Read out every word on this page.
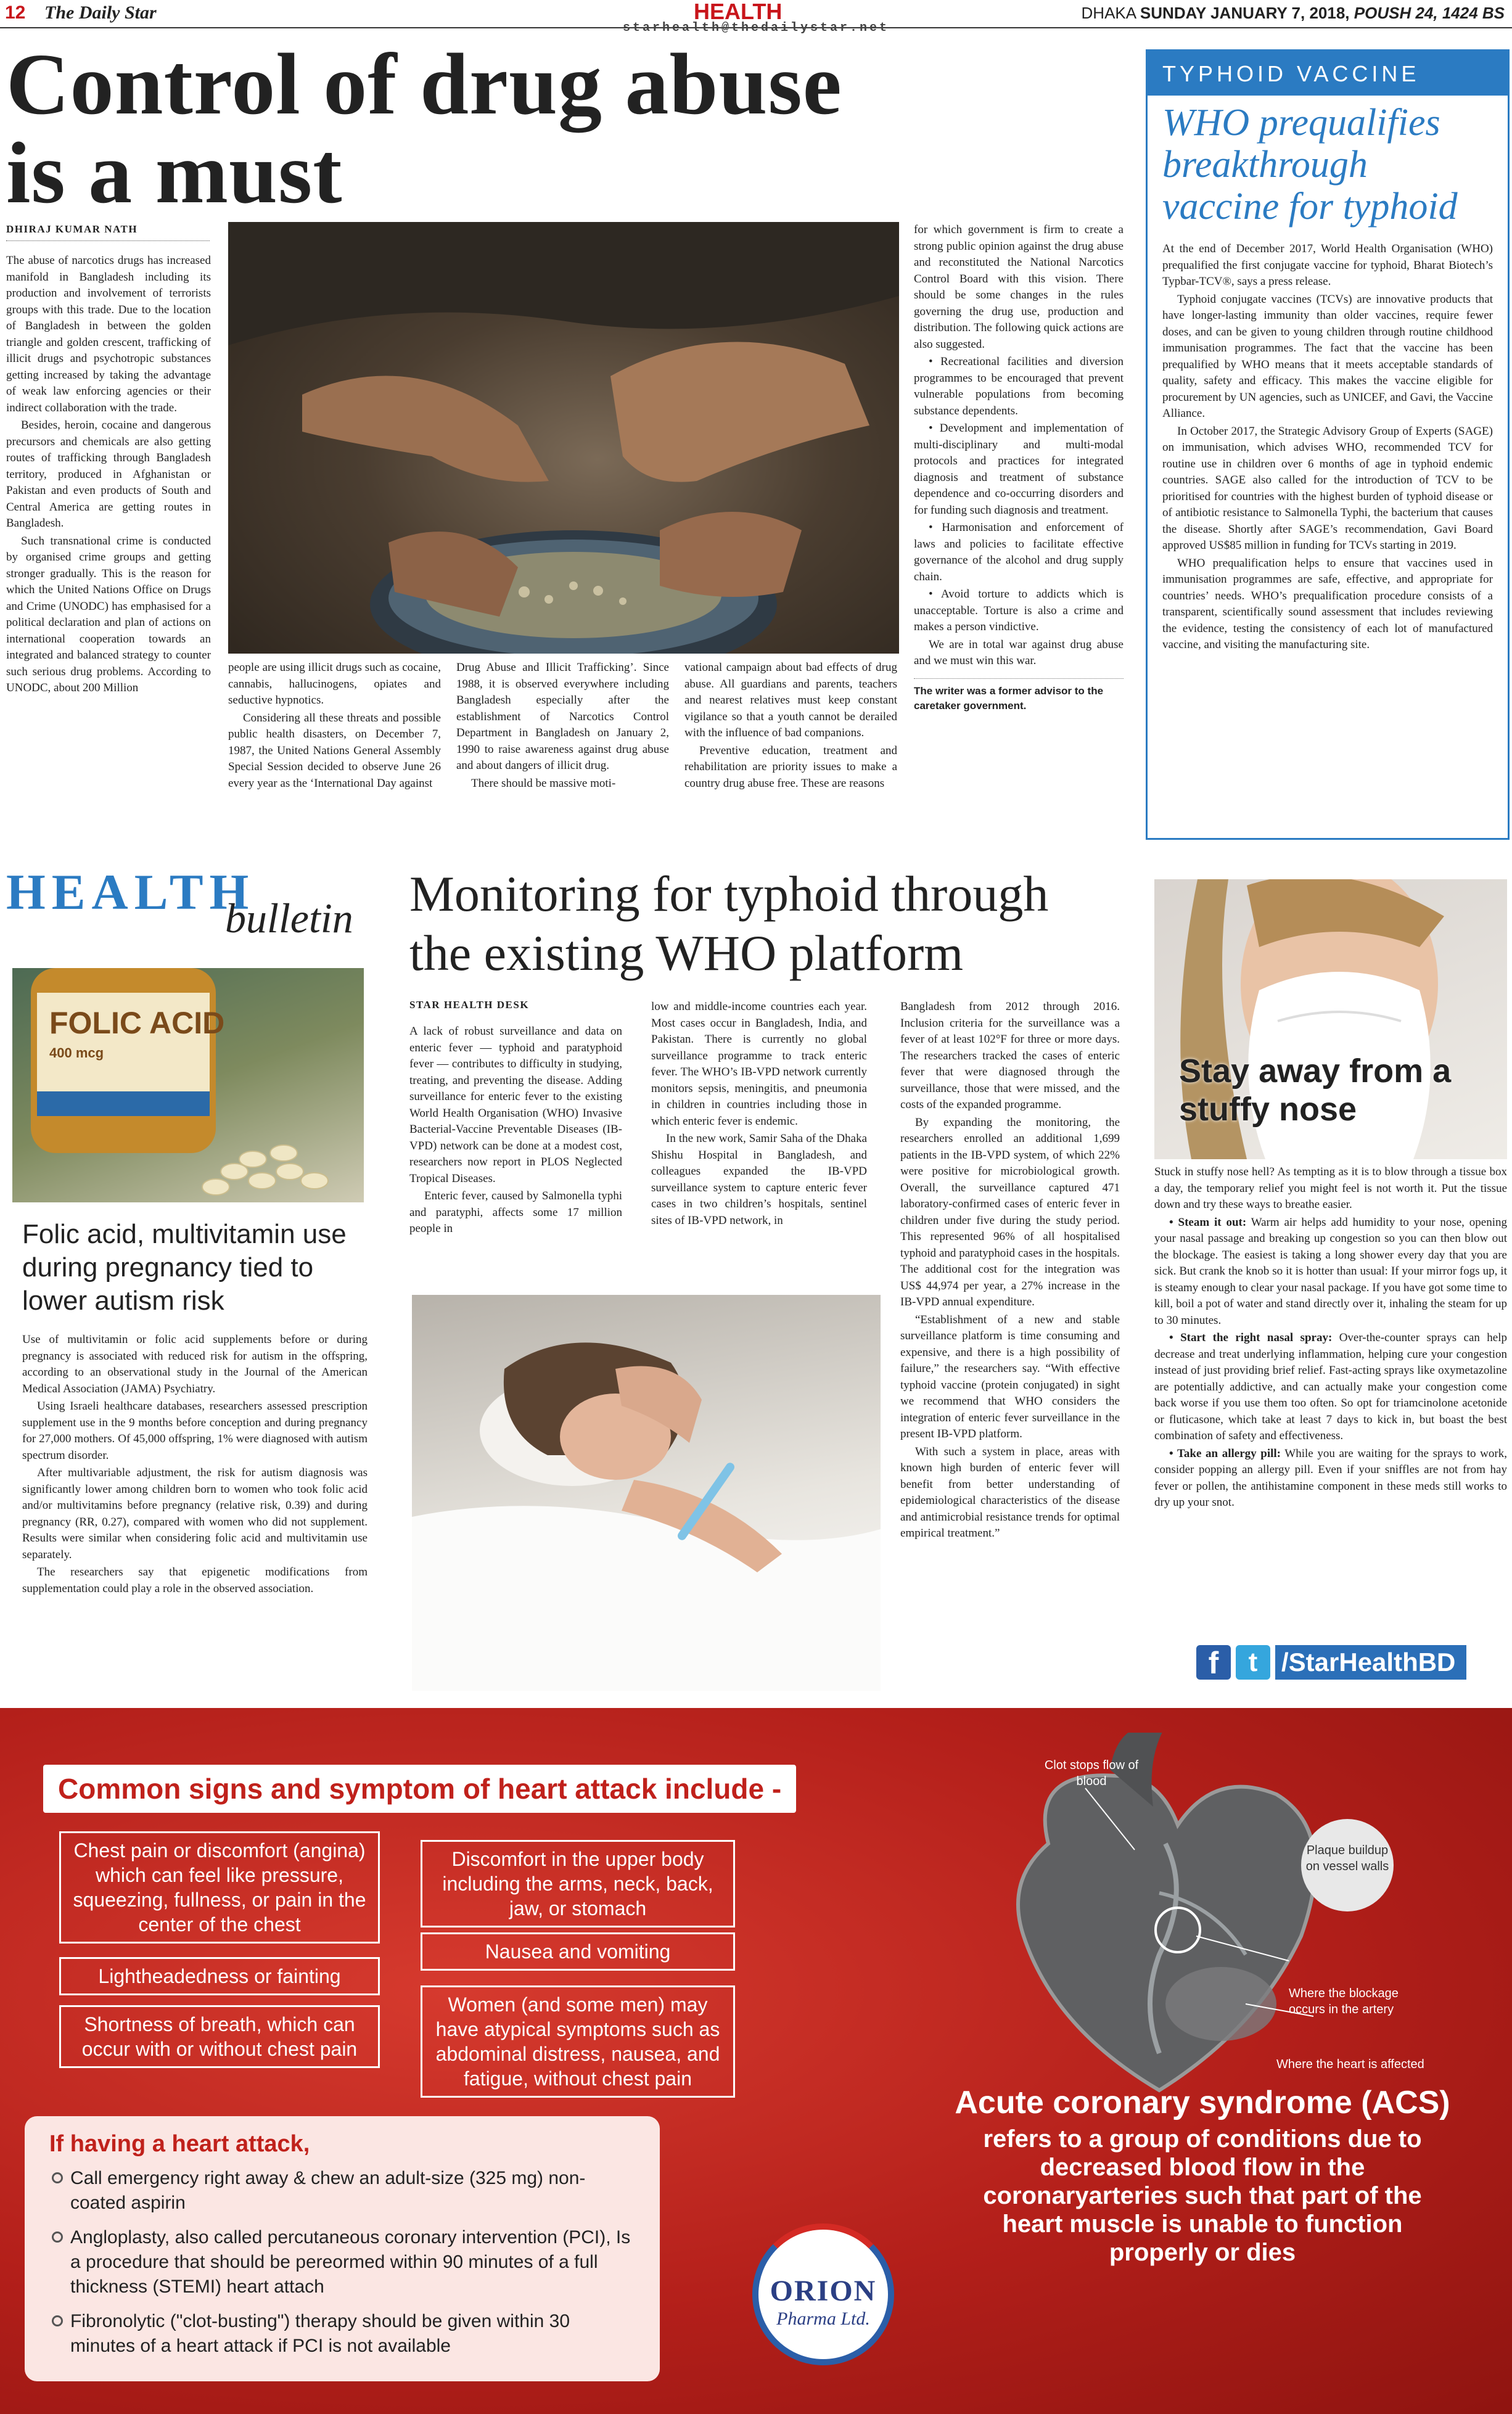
12 The Daily Star	HEALTH
starhealth@thedailystar.net
DHAKA SUNDAY JANUARY 7, 2018, POUSH 24, 1424 BS
Control of drug abuse
is a must
DHIRAJ KUMAR NATH

The abuse of narcotics drugs has increased manifold in Bangladesh including its production and involvement of terrorists groups with this trade. Due to the location of Bangladesh in between the golden triangle and golden crescent, trafficking of illicit drugs and psychotropic substances getting increased by taking the advantage of weak law enforcing agencies or their indirect collaboration with the trade.

Besides, heroin, cocaine and dangerous precursors and chemicals are also getting routes of trafficking through Bangladesh territory, produced in Afghanistan or Pakistan and even products of South and Central America are getting routes in Bangladesh.

Such transnational crime is conducted by organised crime groups and getting stronger gradually. This is the reason for which the United Nations Office on Drugs and Crime (UNODC) has emphasised for a political declaration and plan of actions on international cooperation towards an integrated and balanced strategy to counter such serious drug problems. According to UNODC, about 200 Million

people are using illicit drugs such as cocaine, cannabis, hallucinogens, opiates and seductive hypnotics.

Considering all these threats and possible public health disasters, on December 7, 1987, the United Nations General Assembly Special Session decided to observe June 26 every year as the ‘International Day against

Drug Abuse and Illicit Trafficking’. Since 1988, it is observed everywhere including Bangladesh especially after the establishment of Narcotics Control Department in Bangladesh on January 2, 1990 to raise awareness against drug abuse and about dangers of illicit drug.

There should be massive moti-

vational campaign about bad effects of drug abuse. All guardians and parents, teachers and nearest relatives must keep constant vigilance so that a youth cannot be derailed with the influence of bad companions.

Preventive education, treatment and rehabilitation are priority issues to make a country drug abuse free. These are reasons

for which government is firm to create a strong public opinion against the drug abuse and reconstituted the National Narcotics Control Board with this vision. There should be some changes in the rules governing the drug use, production and distribution. The following quick actions are also suggested.

• Recreational facilities and diversion programmes to be encouraged that prevent vulnerable populations from becoming substance dependents.

• Development and implementation of multi-disciplinary and multi-modal protocols and practices for integrated diagnosis and treatment of substance dependence and co-occurring disorders and for funding such diagnosis and treatment.

• Harmonisation and enforcement of laws and policies to facilitate effective governance of the alcohol and drug supply chain.

• Avoid torture to addicts which is unacceptable. Torture is also a crime and makes a person vindictive.

We are in total war against drug abuse and we must win this war.

The writer was a former advisor to the caretaker government.
TYPHOID VACCINE
WHO prequalifies breakthrough vaccine for typhoid

At the end of December 2017, World Health Organisation (WHO) prequalified the first conjugate vaccine for typhoid, Bharat Biotech’s Typbar-TCV®, says a press release.

Typhoid conjugate vaccines (TCVs) are innovative products that have longer-lasting immunity than older vaccines, require fewer doses, and can be given to young children through routine childhood immunisation programmes. The fact that the vaccine has been prequalified by WHO means that it meets acceptable standards of quality, safety and efficacy. This makes the vaccine eligible for procurement by UN agencies, such as UNICEF, and Gavi, the Vaccine Alliance.

In October 2017, the Strategic Advisory Group of Experts (SAGE) on immunisation, which advises WHO, recommended TCV for routine use in children over 6 months of age in typhoid endemic countries. SAGE also called for the introduction of TCV to be prioritised for countries with the highest burden of typhoid disease or of antibiotic resistance to Salmonella Typhi, the bacterium that causes the disease. Shortly after SAGE’s recommendation, Gavi Board approved US$85 million in funding for TCVs starting in 2019.

WHO prequalification helps to ensure that vaccines used in immunisation programmes are safe, effective, and appropriate for countries’ needs. WHO’s prequalification procedure consists of a transparent, scientifically sound assessment that includes reviewing the evidence, testing the consistency of each lot of manufactured vaccine, and visiting the manufacturing site.

HEALTH
bulletin
FOLIC ACID
400 mcg
Folic acid, multivitamin use during pregnancy tied to lower autism risk

Use of multivitamin or folic acid supplements before or during pregnancy is associated with reduced risk for autism in the offspring, according to an observational study in the Journal of the American Medical Association (JAMA) Psychiatry.

Using Israeli healthcare databases, researchers assessed prescription supplement use in the 9 months before conception and during pregnancy for 27,000 mothers. Of 45,000 offspring, 1% were diagnosed with autism spectrum disorder.

After multivariable adjustment, the risk for autism diagnosis was significantly lower among children born to women who took folic acid and/or multivitamins before pregnancy (relative risk, 0.39) and during pregnancy (RR, 0.27), compared with women who did not supplement. Results were similar when considering folic acid and multivitamin use separately.

The researchers say that epigenetic modifications from supplementation could play a role in the observed association.

Monitoring for typhoid through the existing WHO platform
STAR HEALTH DESK

A lack of robust surveillance and data on enteric fever — typhoid and paratyphoid fever — contributes to difficulty in studying, treating, and preventing the disease. Adding surveillance for enteric fever to the existing World Health Organisation (WHO) Invasive Bacterial-Vaccine Preventable Diseases (IB-VPD) network can be done at a modest cost, researchers now report in PLOS Neglected Tropical Diseases.

Enteric fever, caused by Salmonella typhi and paratyphi, affects some 17 million people in

low and middle-income countries each year. Most cases occur in Bangladesh, India, and Pakistan. There is currently no global surveillance programme to track enteric fever. The WHO’s IB-VPD network currently monitors sepsis, meningitis, and pneumonia in children in countries including those in which enteric fever is endemic.

In the new work, Samir Saha of the Dhaka Shishu Hospital in Bangladesh, and colleagues expanded the IB-VPD surveillance system to capture enteric fever cases in two children’s hospitals, sentinel sites of IB-VPD network, in

Bangladesh from 2012 through 2016. Inclusion criteria for the surveillance was a fever of at least 102°F for three or more days. The researchers tracked the cases of enteric fever that were diagnosed through the surveillance, those that were missed, and the costs of the expanded programme.

By expanding the monitoring, the researchers enrolled an additional 1,699 patients in the IB-VPD system, of which 22% were positive for microbiological growth. Overall, the surveillance captured 471 laboratory-confirmed cases of enteric fever in children under five during the study period. This represented 96% of all hospitalised typhoid and paratyphoid cases in the hospitals. The additional cost for the integration was US$ 44,974 per year, a 27% increase in the IB-VPD annual expenditure.

“Establishment of a new and stable surveillance platform is time consuming and expensive, and there is a high possibility of failure,” the researchers say. “With effective typhoid vaccine (protein conjugated) in sight we recommend that WHO considers the integration of enteric fever surveillance in the present IB-VPD platform.

With such a system in place, areas with known high burden of enteric fever will benefit from better understanding of epidemiological characteristics of the disease and antimicrobial resistance trends for optimal empirical treatment.”

Stay away from a stuffy nose

Stuck in stuffy nose hell? As tempting as it is to blow through a tissue box a day, the temporary relief you might feel is not worth it. Put the tissue down and try these ways to breathe easier.

• Steam it out: Warm air helps add humidity to your nose, opening your nasal passage and breaking up congestion so you can then blow out the blockage. The easiest is taking a long shower every day that you are sick. But crank the knob so it is hotter than usual: If your mirror fogs up, it is steamy enough to clear your nasal package. If you have got some time to kill, boil a pot of water and stand directly over it, inhaling the steam for up to 30 minutes.

• Start the right nasal spray: Over-the-counter sprays can help decrease and treat underlying inflammation, helping cure your congestion instead of just providing brief relief. Fast-acting sprays like oxymetazoline are potentially addictive, and can actually make your congestion come back worse if you use them too often. So opt for triamcinolone acetonide or fluticasone, which take at least 7 days to kick in, but boast the best combination of safety and effectiveness.

• Take an allergy pill: While you are waiting for the sprays to work, consider popping an allergy pill. Even if your sniffles are not from hay fever or pollen, the antihistamine component in these meds still works to dry up your snot.

f	t /StarHealthBD
Common signs and symptom of heart attack include -
Chest pain or discomfort (angina) which can feel like pressure, squeezing, fullness, or pain in the center of the chest
Lightheadedness or fainting
Shortness of breath, which can occur with or without chest pain
Discomfort in the upper body including the arms, neck, back, jaw, or stomach
Nausea and vomiting
Women (and some men) may have atypical symptoms such as abdominal distress, nausea, and fatigue, without chest pain
If having a heart attack,
Call emergency right away & chew an adult-size (325 mg) non-coated aspirin
Angloplasty, also called percutaneous coronary intervention (PCI), Is a procedure that should be pereormed within 90 minutes of a full thickness (STEMI) heart attach
Fibronolytic ("clot-busting") therapy should be given within 30 minutes of a heart attack if PCI is not available
Clot stops flow of blood
Plaque buildup on vessel walls
Where the blockage occurs in the artery
Where the heart is affected
Acute coronary syndrome (ACS)
refers to a group of conditions due to decreased blood flow in the coronaryarteries such that part of the heart muscle is unable to function properly or dies
ORION
Pharma Ltd.
